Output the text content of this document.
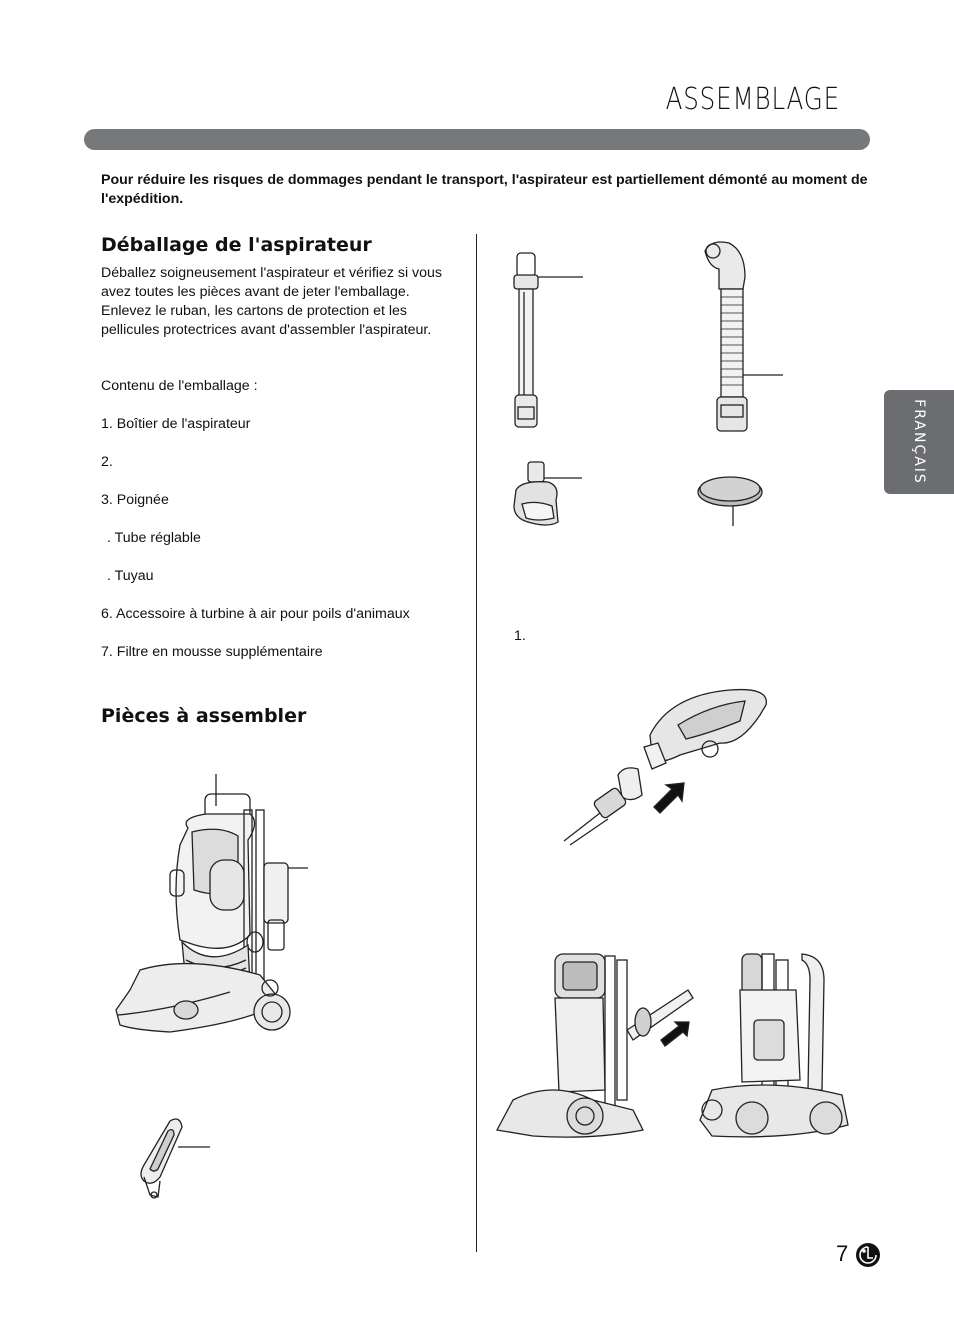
ASSEMBLAGE
Pour réduire les risques de dommages pendant le transport, l'aspirateur est partiellement démonté au moment de l'expédition.
Déballage de l'aspirateur
Déballez soigneusement l'aspirateur et vérifiez si vous avez toutes les pièces avant de jeter l'emballage. Enlevez le ruban, les cartons de protection et les pellicules protectrices avant d'assembler l'aspirateur.
Contenu de l'emballage :
1. Boîtier de l'aspirateur
2.
3. Poignée
. Tube réglable
. Tuyau
6. Accessoire à turbine à air pour poils d'animaux
7. Filtre en mousse supplémentaire
Pièces à assembler
FRANÇAIS
1.
7
